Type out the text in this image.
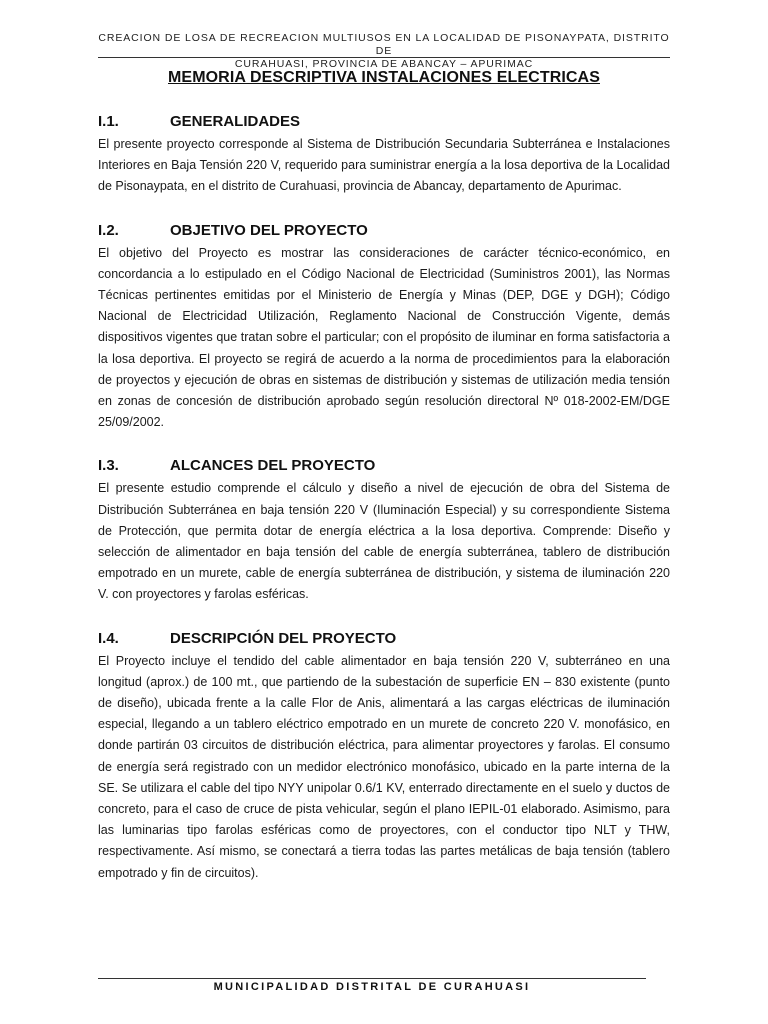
CREACION DE LOSA DE RECREACION MULTIUSOS EN LA LOCALIDAD DE PISONAYPATA, DISTRITO DE
CURAHUASI, PROVINCIA DE ABANCAY – APURIMAC
MEMORIA DESCRIPTIVA INSTALACIONES ELECTRICAS
I.1.	GENERALIDADES

El presente proyecto corresponde al Sistema de Distribución Secundaria Subterránea e Instalaciones Interiores en Baja Tensión 220 V, requerido para suministrar energía a la losa deportiva de la Localidad de Pisonaypata, en el distrito de Curahuasi, provincia de Abancay, departamento de Apurimac.

I.2.	OBJETIVO DEL PROYECTO

El objetivo del Proyecto es mostrar las consideraciones de carácter técnico-económico, en concordancia a lo estipulado en el Código Nacional de Electricidad (Suministros 2001), las Normas Técnicas pertinentes emitidas por el Ministerio de Energía y Minas (DEP, DGE y DGH); Código Nacional de Electricidad Utilización, Reglamento Nacional de Construcción Vigente, demás dispositivos vigentes que tratan sobre el particular; con el propósito de iluminar en forma satisfactoria a la losa deportiva. El proyecto se regirá de acuerdo a la norma de procedimientos para la elaboración de proyectos y ejecución de obras en sistemas de distribución y sistemas de utilización media tensión en zonas de concesión de distribución aprobado según resolución directoral Nº 018-2002-EM/DGE 25/09/2002.

I.3.	ALCANCES DEL PROYECTO

El presente estudio comprende el cálculo y diseño a nivel de ejecución de obra del Sistema de Distribución Subterránea en baja tensión 220 V (Iluminación Especial) y su correspondiente Sistema de Protección, que permita dotar de energía eléctrica a la losa deportiva. Comprende: Diseño y selección de alimentador en baja tensión del cable de energía subterránea, tablero de distribución empotrado en un murete, cable de energía subterránea de distribución, y sistema de iluminación 220 V. con proyectores y farolas esféricas.

I.4.	DESCRIPCIÓN DEL PROYECTO

El Proyecto incluye el tendido del cable alimentador en baja tensión 220 V, subterráneo en una longitud (aprox.) de 100 mt., que partiendo de la subestación de superficie EN – 830 existente (punto de diseño), ubicada frente a la calle Flor de Anis, alimentará a las cargas eléctricas de iluminación especial, llegando a un tablero eléctrico empotrado en un murete de concreto 220 V. monofásico, en donde partirán 03 circuitos de distribución eléctrica, para alimentar proyectores y farolas. El consumo de energía será registrado con un medidor electrónico monofásico, ubicado en la parte interna de la SE. Se utilizara el cable del tipo NYY unipolar 0.6/1 KV, enterrado directamente en el suelo y ductos de concreto, para el caso de cruce de pista vehicular, según el plano IEPIL-01 elaborado. Asimismo, para las luminarias tipo farolas esféricas como de proyectores, con el conductor tipo NLT y THW, respectivamente. Así mismo, se conectará a tierra todas las partes metálicas de baja tensión (tablero empotrado y fin de circuitos).

MUNICIPALIDAD DISTRITAL DE CURAHUASI
